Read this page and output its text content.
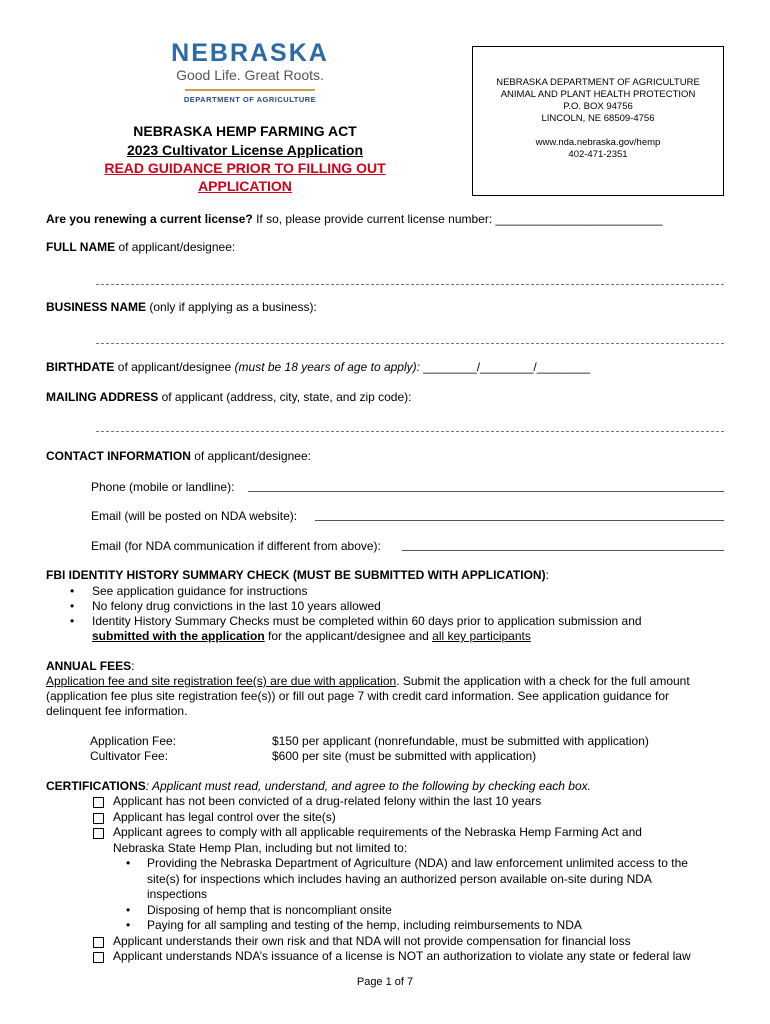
NEBRASKA
Good Life. Great Roots.
DEPARTMENT OF AGRICULTURE
NEBRASKA HEMP FARMING ACT
2023 Cultivator License Application
READ GUIDANCE PRIOR TO FILLING OUT
APPLICATION
NEBRASKA DEPARTMENT OF AGRICULTURE
ANIMAL AND PLANT HEALTH PROTECTION
P.O. BOX 94756
LINCOLN, NE 68509-4756
www.nda.nebraska.gov/hemp
402-471-2351
Are you renewing a current license? If so, please provide current license number: _________________________
FULL NAME of applicant/designee:
BUSINESS NAME (only if applying as a business):
BIRTHDATE of applicant/designee (must be 18 years of age to apply): ________/________/________
MAILING ADDRESS of applicant (address, city, state, and zip code):
CONTACT INFORMATION of applicant/designee:
Phone (mobile or landline):
Email (will be posted on NDA website):
Email (for NDA communication if different from above):
FBI IDENTITY HISTORY SUMMARY CHECK (MUST BE SUBMITTED WITH APPLICATION):
• See application guidance for instructions
• No felony drug convictions in the last 10 years allowed
• Identity History Summary Checks must be completed within 60 days prior to application submission and
submitted with the application for the applicant/designee and all key participants
ANNUAL FEES:
Application fee and site registration fee(s) are due with application. Submit the application with a check for the full amount
(application fee plus site registration fee(s)) or fill out page 7 with credit card information. See application guidance for
delinquent fee information.
Application Fee:	$150 per applicant (nonrefundable, must be submitted with application)
Cultivator Fee:	$600 per site (must be submitted with application)
CERTIFICATIONS: Applicant must read, understand, and agree to the following by checking each box.
Applicant has not been convicted of a drug-related felony within the last 10 years
Applicant has legal control over the site(s)
Applicant agrees to comply with all applicable requirements of the Nebraska Hemp Farming Act and
Nebraska State Hemp Plan, including but not limited to:
• Providing the Nebraska Department of Agriculture (NDA) and law enforcement unlimited access to the
site(s) for inspections which includes having an authorized person available on-site during NDA
inspections
• Disposing of hemp that is noncompliant onsite
• Paying for all sampling and testing of the hemp, including reimbursements to NDA
Applicant understands their own risk and that NDA will not provide compensation for financial loss
Applicant understands NDA’s issuance of a license is NOT an authorization to violate any state or federal law
Page 1 of 7
